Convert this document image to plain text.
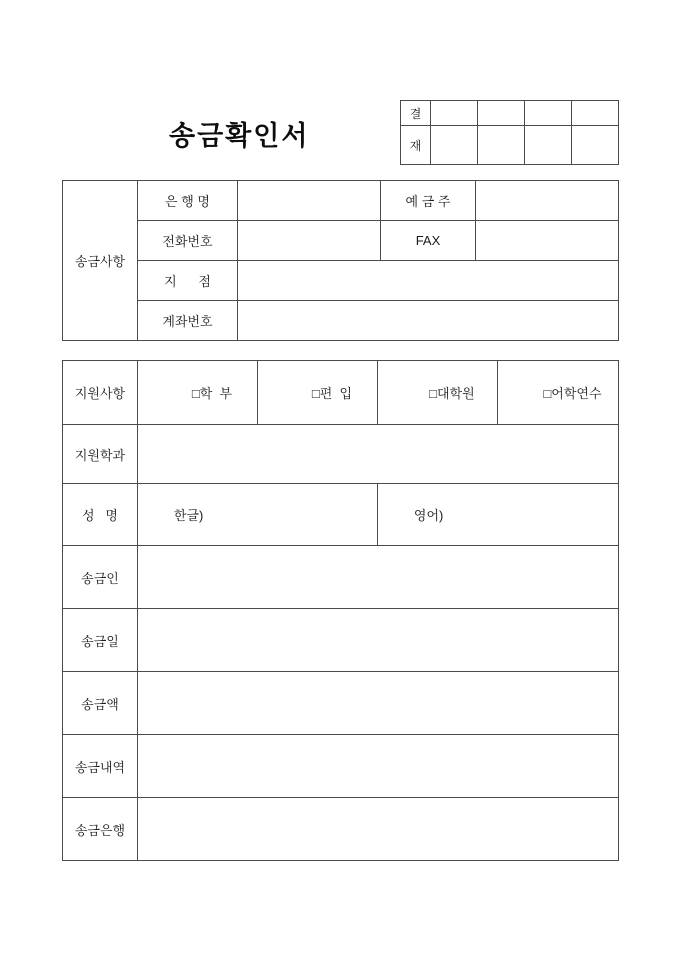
송금확인서
결				
재				
송금사항	은 행 명		예 금 주	
	전화번호		FAX	
	지      점			
	계좌번호			
지원사항	□학  부	□편  입	□대학원	□어학연수

지원학과				
성   명	한글)		영어)	

송금인				
송금일				
송금액				
송금내역				
송금은행				
